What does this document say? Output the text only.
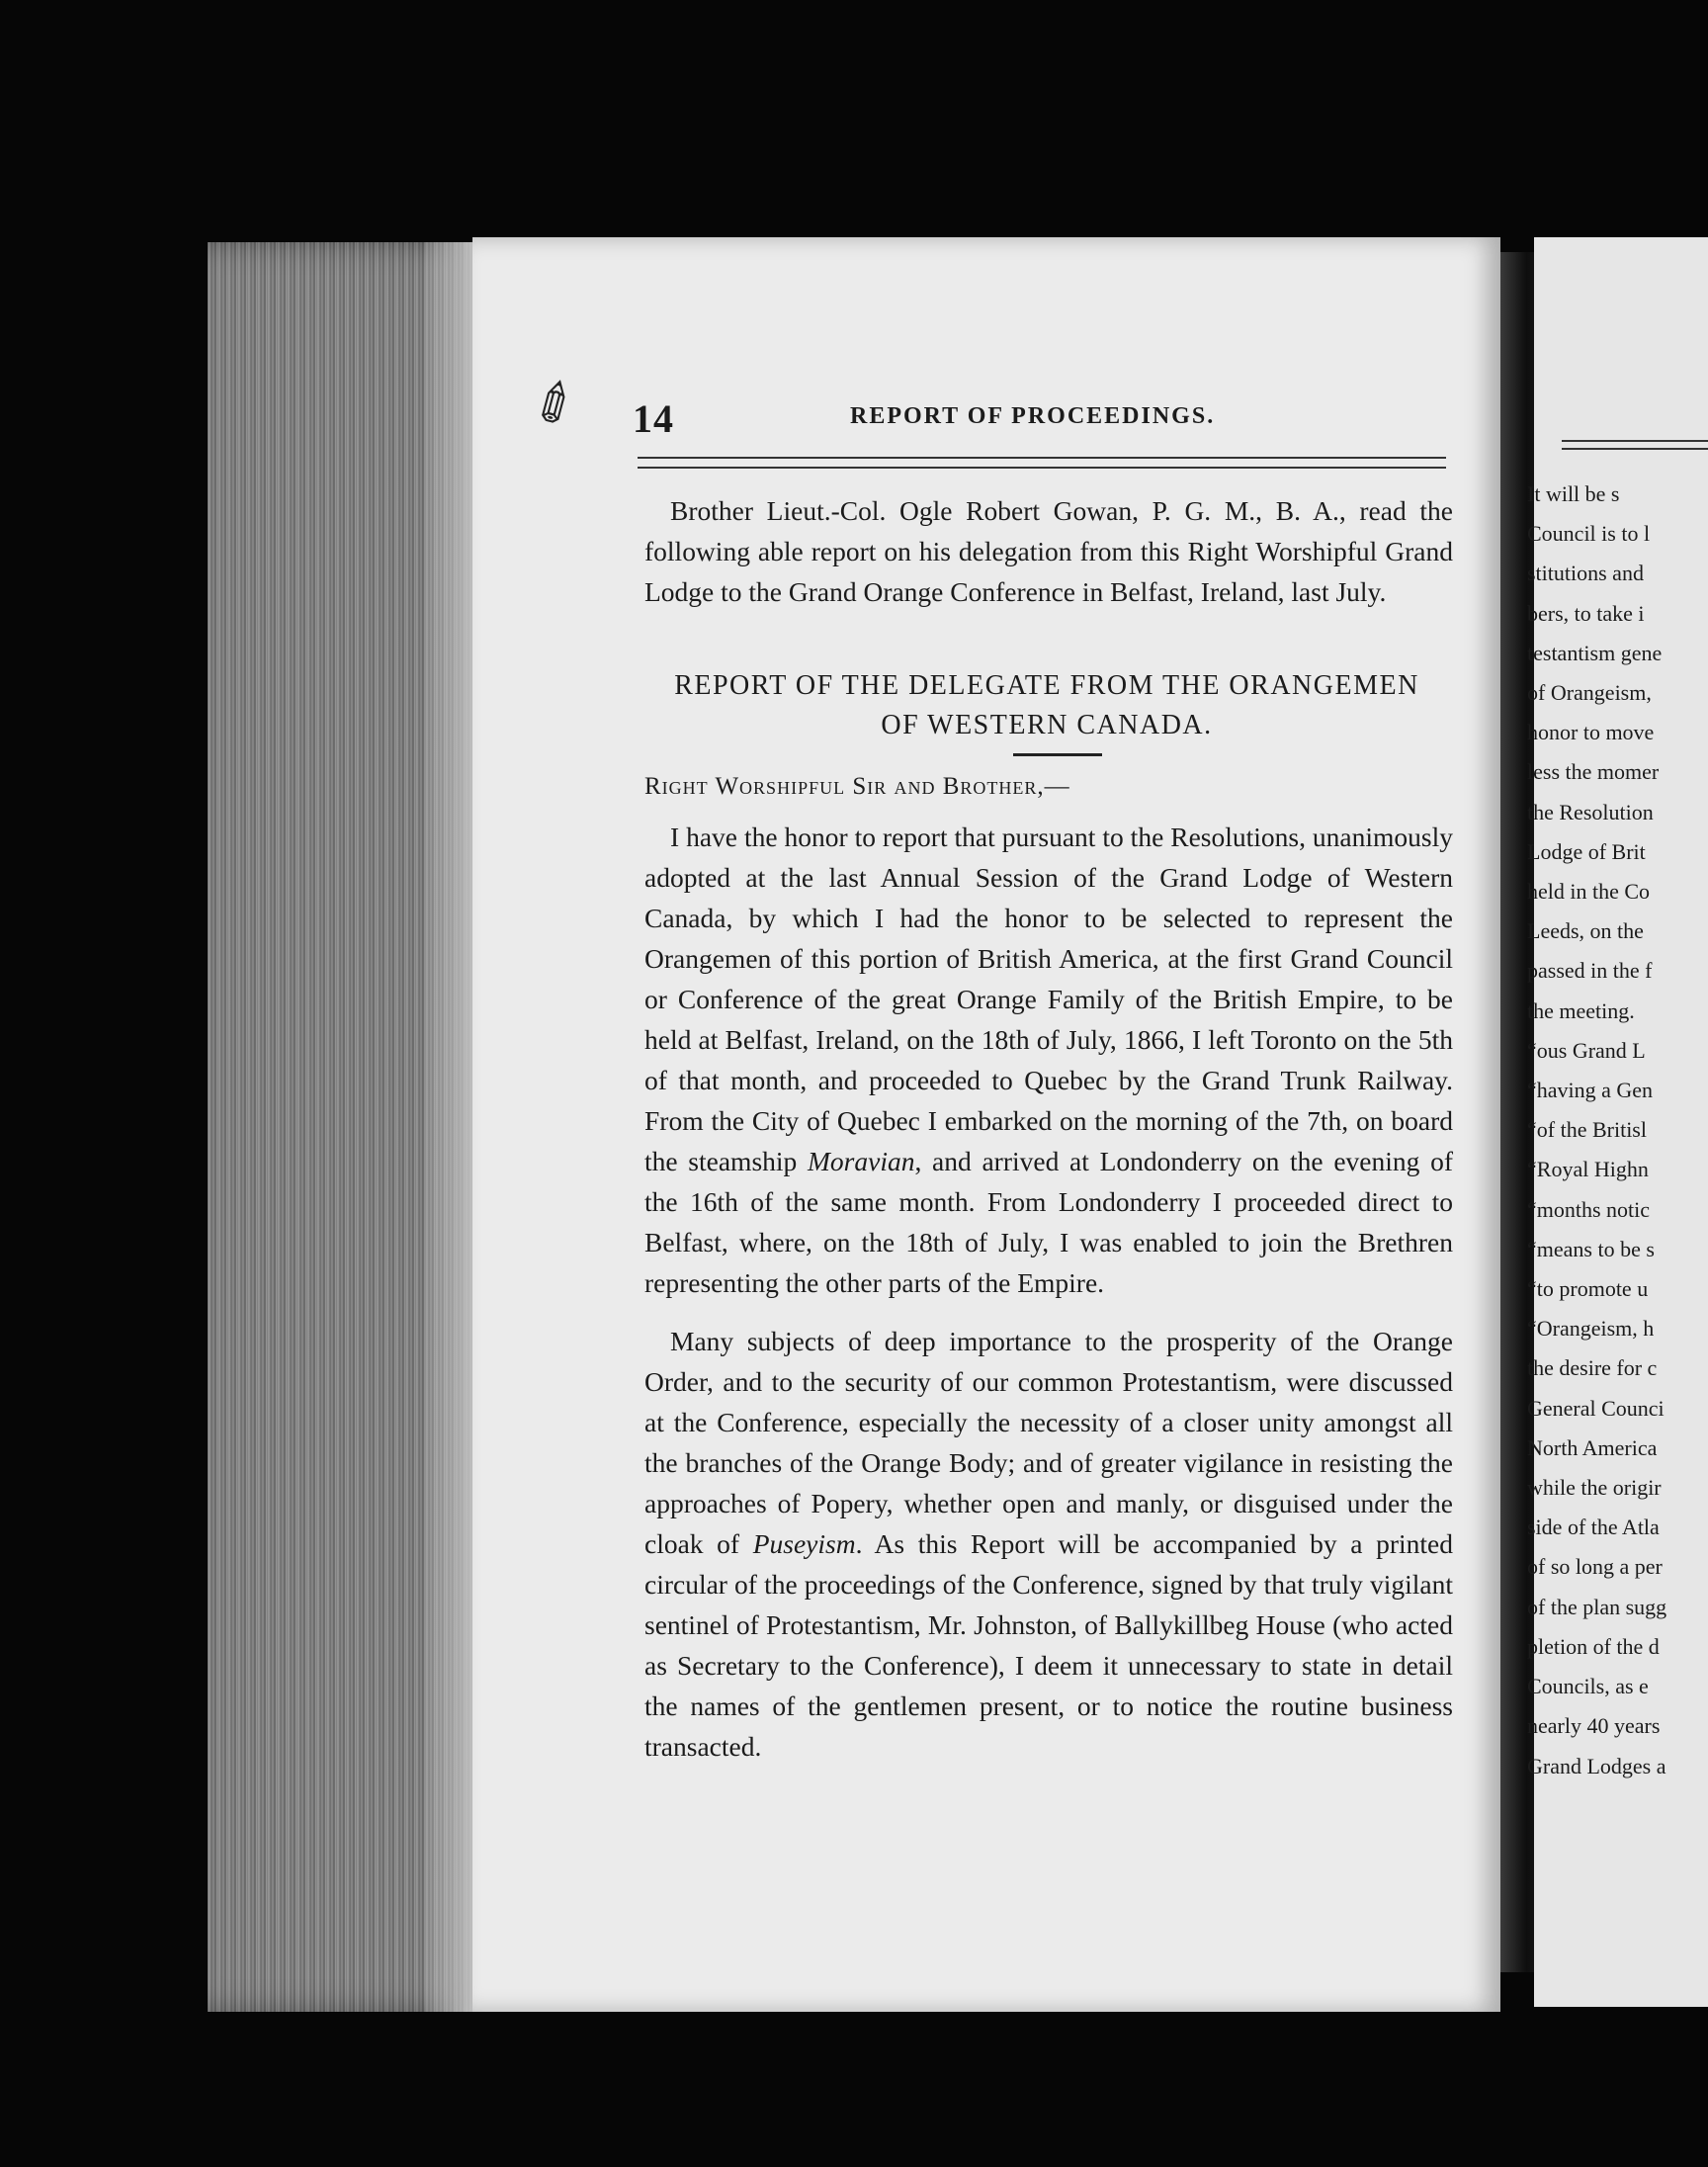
✐ 14	REPORT OF PROCEEDINGS.

Brother Lieut.-Col. Ogle Robert Gowan, P. G. M., B. A., read the following able report on his delegation from this Right Worshipful Grand Lodge to the Grand Orange Conference in Belfast, Ireland, last July.

REPORT OF THE DELEGATE FROM THE ORANGEMEN
OF WESTERN CANADA.
Right Worshipful Sir and Brother,—

I have the honor to report that pursuant to the Resolutions, unanimously adopted at the last Annual Session of the Grand Lodge of Western Canada, by which I had the honor to be selected to represent the Orangemen of this portion of British America, at the first Grand Council or Conference of the great Orange Family of the British Empire, to be held at Belfast, Ireland, on the 18th of July, 1866, I left Toronto on the 5th of that month, and proceeded to Quebec by the Grand Trunk Railway. From the City of Quebec I embarked on the morning of the 7th, on board the steamship Moravian, and arrived at Londonderry on the evening of the 16th of the same month. From Londonderry I proceeded direct to Belfast, where, on the 18th of July, I was enabled to join the Brethren representing the other parts of the Empire.

Many subjects of deep importance to the prosperity of the Orange Order, and to the security of our common Protestantism, were discussed at the Conference, especially the necessity of a closer unity amongst all the branches of the Orange Body; and of greater vigilance in resisting the approaches of Popery, whether open and manly, or disguised under the cloak of Puseyism. As this Report will be accompanied by a printed circular of the proceedings of the Conference, signed by that truly vigilant sentinel of Protestantism, Mr. Johnston, of Ballykillbeg House (who acted as Secretary to the Conference), I deem it unnecessary to state in detail the names of the gentlemen present, or to notice the routine business transacted.

It will be s
Council is to l
stitutions and
bers, to take i
testantism gene
of Orangeism,
honor to move
less the momer
the Resolution
Lodge of Brit
held in the Co
Leeds, on the
passed in the f
the meeting.
“ous Grand L
“having a Gen
“of the Britisl
“Royal Highn
“months notic
“means to be s
“to promote u
“Orangeism, h
the desire for c
General Counci
North America
while the origir
side of the Atla
of so long a per
of the plan sugg
pletion of the d
Councils, as e
nearly 40 years
Grand Lodges a
